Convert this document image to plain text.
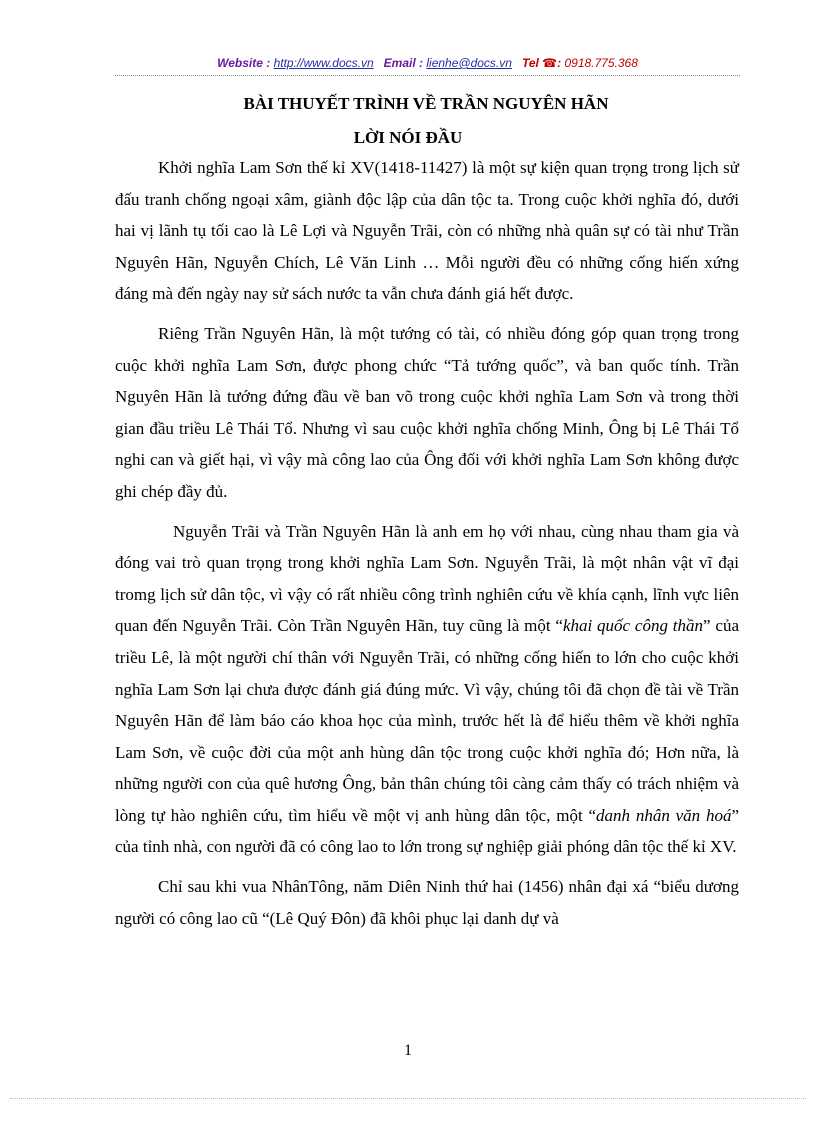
Website : http://www.docs.vn Email : lienhe@docs.vn Tel ☎: 0918.775.368
BÀI THUYẾT TRÌNH VỀ TRẦN NGUYÊN HÃN
LỜI NÓI ĐẦU

Khởi nghĩa Lam Sơn thế kỉ XV(1418-11427) là một sự kiện quan trọng trong lịch sử đấu tranh chống ngoại xâm, giành độc lập của dân tộc ta. Trong cuộc khởi nghĩa đó, dưới hai vị lãnh tụ tối cao là Lê Lợi và Nguyễn Trãi, còn có những nhà quân sự có tài như Trần Nguyên Hãn, Nguyễn Chích, Lê Văn Linh … Mỗi người đều có những cống hiến xứng đáng mà đến ngày nay sử sách nước ta vẫn chưa đánh giá hết được.

Riêng Trần Nguyên Hãn, là một tướng có tài, có nhiều đóng góp quan trọng trong cuộc khởi nghĩa Lam Sơn, được phong chức “Tả tướng quốc”, và ban quốc tính. Trần Nguyên Hãn là tướng đứng đầu về ban võ trong cuộc khởi nghĩa Lam Sơn và trong thời gian đầu triều Lê Thái Tổ. Nhưng vì sau cuộc khởi nghĩa chống Minh, Ông bị Lê Thái Tổ nghi can và giết hại, vì vậy mà công lao của Ông đối với khởi nghĩa Lam Sơn không được ghi chép đầy đủ.

Nguyễn Trãi và Trần Nguyên Hãn là anh em họ với nhau, cùng nhau tham gia và đóng vai trò quan trọng trong khởi nghĩa Lam Sơn. Nguyễn Trãi, là một nhân vật vĩ đại tromg lịch sử dân tộc, vì vậy có rất nhiều công trình nghiên cứu về khía cạnh, lĩnh vực liên quan đến Nguyễn Trãi. Còn Trần Nguyên Hãn, tuy cũng là một “khai quốc công thần” của triều Lê, là một người chí thân với Nguyễn Trãi, có những cống hiến to lớn cho cuộc khởi nghĩa Lam Sơn lại chưa được đánh giá đúng mức. Vì vậy, chúng tôi đã chọn đề tài về Trần Nguyên Hãn để làm báo cáo khoa học của mình, trước hết là để hiểu thêm về khởi nghĩa Lam Sơn, về cuộc đời của một anh hùng dân tộc trong cuộc khởi nghĩa đó; Hơn nữa, là những người con của quê hương Ông, bản thân chúng tôi càng cảm thấy có trách nhiệm và lòng tự hào nghiên cứu, tìm hiểu về một vị anh hùng dân tộc, một “danh nhân văn hoá” của tỉnh nhà, con người đã có công lao to lớn trong sự nghiệp giải phóng dân tộc thế kỉ XV.

Chỉ sau khi vua NhânTông, năm Diên Ninh thứ hai (1456) nhân đại xá “biểu dương người có công lao cũ “(Lê Quý Đôn) đã khôi phục lại danh dự và

1
